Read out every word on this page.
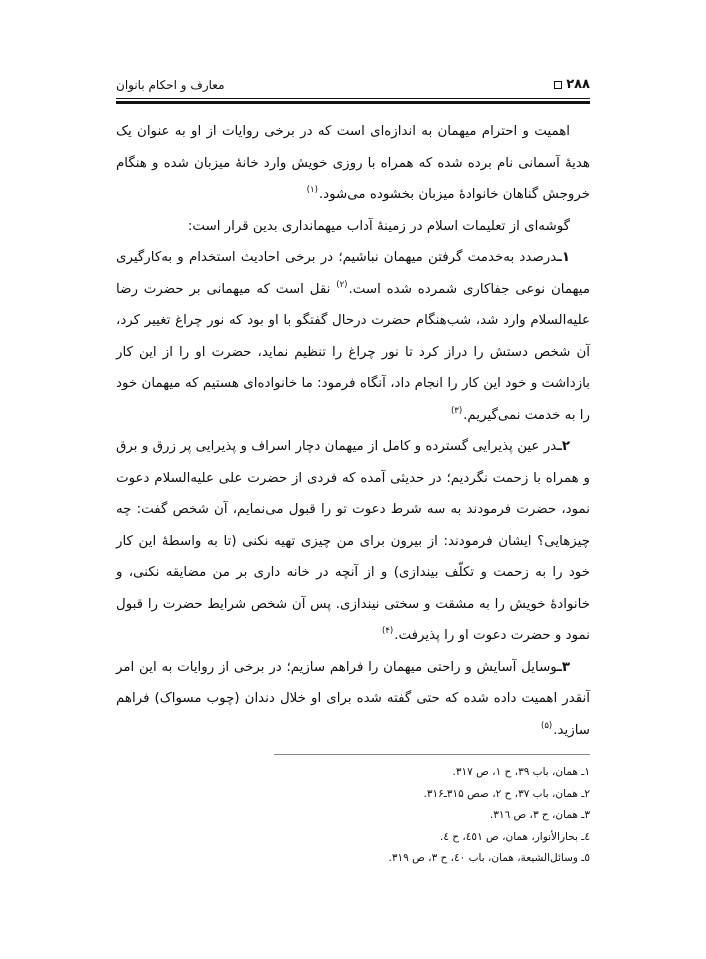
۲۸۸
معارف و احکام بانوان

اهمیت و احترام میهمان به اندازه‌ای است که در برخی روایات از او به عنوان یک هدیهٔ آسمانی نام برده شده که همراه با روزی خویش وارد خانهٔ میزبان شده و هنگام خروجش گناهان خانوادهٔ میزبان بخشوده می‌شود.$^{(۱)}$

گوشه‌ای از تعلیمات اسلام در زمینهٔ آداب میهمانداری بدین قرار است:

۱ـدرصدد به‌خدمت گرفتن میهمان نباشیم؛ در برخی احادیث استخدام و به‌کارگیری میهمان نوعی جفاکاری شمرده شده است.$^{(۲)}$ نقل است که میهمانی بر حضرت رضا علیه‌السلام وارد شد، شب‌هنگام حضرت درحال گفتگو با او بود که نور چراغ تغییر کرد، آن شخص دستش را دراز کرد تا نور چراغ را تنظیم نماید، حضرت او را از این کار بازداشت و خود این کار را انجام داد، آنگاه فرمود: ما خانواده‌ای هستیم که میهمان خود را به خدمت نمی‌گیریم.$^{(۳)}$

۲ـدر عین پذیرایی گسترده و کامل از میهمان دچار اسراف و پذیرایی پر زرق و برق و همراه با زحمت نگردیم؛ در حدیثی آمده که فردی از حضرت علی علیه‌السلام دعوت نمود، حضرت فرمودند به سه شرط دعوت تو را قبول می‌نمایم، آن شخص گفت: چه چیزهایی؟ ایشان فرمودند: از بیرون برای من چیزی تهیه نکنی (تا به واسطهٔ این کار خود را به زحمت و تکلّف بیندازی) و از آنچه در خانه داری بر من مضایقه نکنی، و خانوادهٔ خویش را به مشقت و سختی نیندازی. پس آن شخص شرایط حضرت را قبول نمود و حضرت دعوت او را پذیرفت.$^{(۴)}$

۳ـوسایل آسایش و راحتی میهمان را فراهم سازیم؛ در برخی از روایات به این امر آنقدر اهمیت داده شده که حتی گفته شده برای او خلال دندان (چوب مسواک) فراهم سازید.$^{(۵)}$

۱ـ همان، باب ۳۹، ح ۱، ص ۳۱۷.
۲ـ همان، باب ۳۷، ح ۲، صص ۳۱۵ـ۳۱۶.
۳ـ همان، ح ۳، ص ۳۱٦.
٤ـ بحارالأنوار، همان، ص ٤٥١، ح ٤.
٥ـ وسائل‌الشیعة، همان، باب ٤٠، ح ۳، ص ۳۱۹.
